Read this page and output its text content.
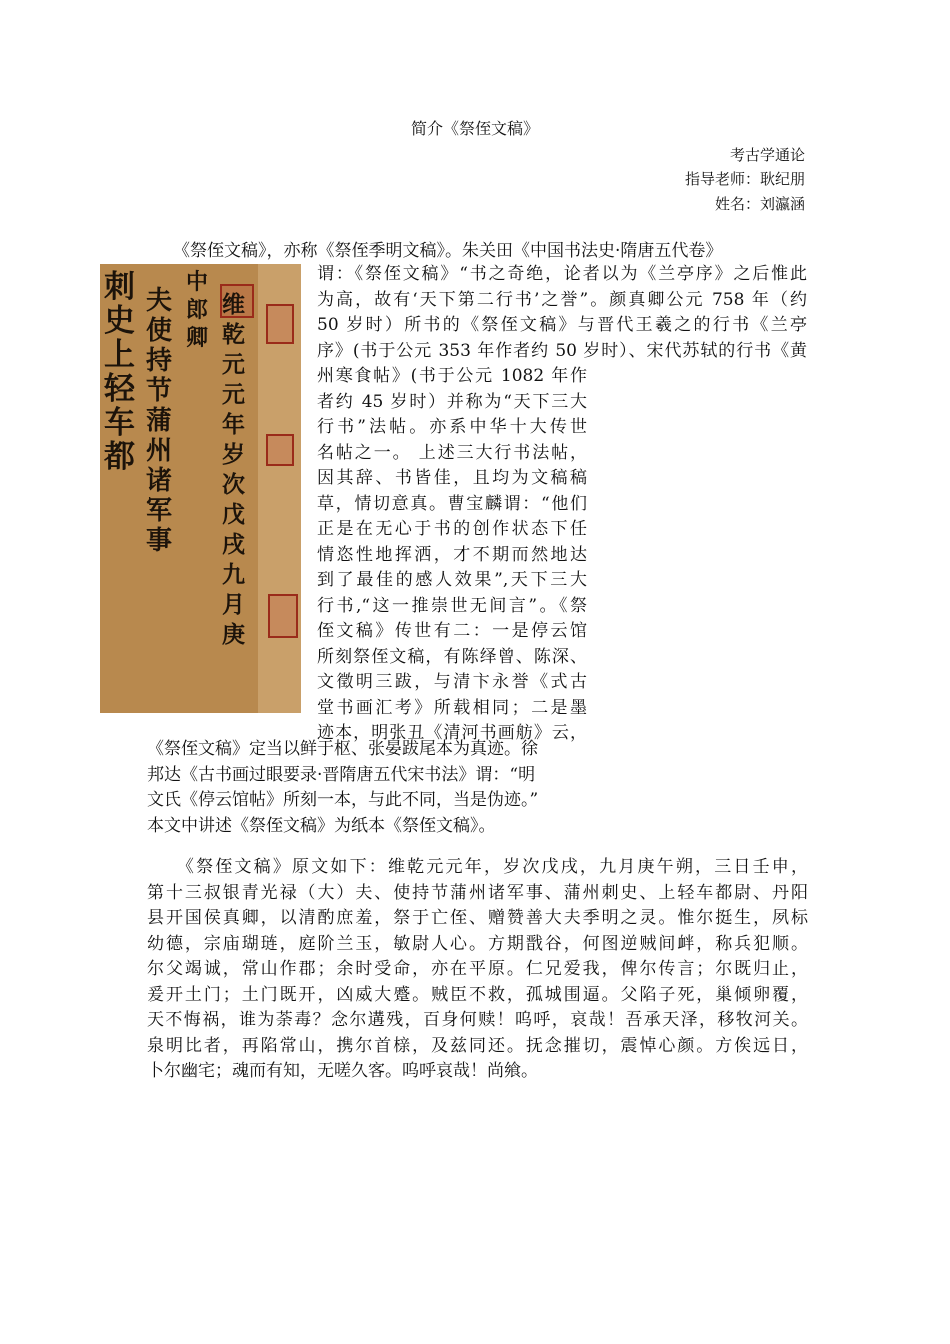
简介《祭侄文稿》
考古学通论
指导老师：耿纪朋
姓名：刘瀛涵
《祭侄文稿》，亦称《祭侄季明文稿》。朱关田《中国书法史·隋唐五代卷》
谓：《祭侄文稿》“书之奇绝，论者以为《兰亭序》之后惟此
为高，故有‘天下第二行书’之誉”。颜真卿公元 758 年（约
50 岁时）所书的《祭侄文稿》与晋代王羲之的行书《兰亭
序》(书于公元 353 年作者约 50 岁时）、宋代苏轼的行书《黄
州寒食帖》(书于公元 1082 年作
者约 45 岁时）并称为“天下三大
行书”法帖。亦系中华十大传世
名帖之一。 上述三大行书法帖，
因其辞、书皆佳，且均为文稿稿
草，情切意真。曹宝麟谓：“他们
正是在无心于书的创作状态下任
情恣性地挥洒，才不期而然地达
到了最佳的感人效果”,天下三大
行书,“这一推崇世无间言”。《祭
侄文稿》传世有二：一是停云馆
所刻祭侄文稿，有陈绎曾、陈深、
文徵明三跋，与清卞永誉《式古
堂书画汇考》所载相同；二是墨
迹本，明张丑《清河书画舫》云，
《祭侄文稿》定当以鲜于枢、张晏跋尾本为真迹。徐
邦达《古书画过眼要录·晋隋唐五代宋书法》谓：“明
文氏《停云馆帖》所刻一本，与此不同，当是伪迹。”
本文中讲述《祭侄文稿》为纸本《祭侄文稿》。
刺史上轻车都
夫使持节蒲州诸军事
中郎卿
维乾元元年岁次戊戌九月庚
　　《祭侄文稿》原文如下：维乾元元年，岁次戊戌，九月庚午朔，三日壬申，
第十三叔银青光禄（大）夫、使持节蒲州诸军事、蒲州刺史、上轻车都尉、丹阳
县开国侯真卿，以清酌庶羞，祭于亡侄、赠赞善大夫季明之灵。惟尔挺生，夙标
幼德，宗庙瑚琏，庭阶兰玉，敏尉人心。方期戬谷，何图逆贼间衅，称兵犯顺。
尔父竭诚，常山作郡；余时受命，亦在平原。仁兄爱我，俾尔传言；尔既归止，
爰开土门；土门既开，凶威大蹙。贼臣不救，孤城围逼。父陷子死，巢倾卵覆，
天不悔祸，谁为荼毒？念尔遘残，百身何赎！呜呼，哀哉！吾承天泽，移牧河关。
泉明比者，再陷常山，携尔首榇，及兹同还。抚念摧切，震悼心颜。方俟远日，
卜尔幽宅；魂而有知，无嗟久客。呜呼哀哉！尚飨。
